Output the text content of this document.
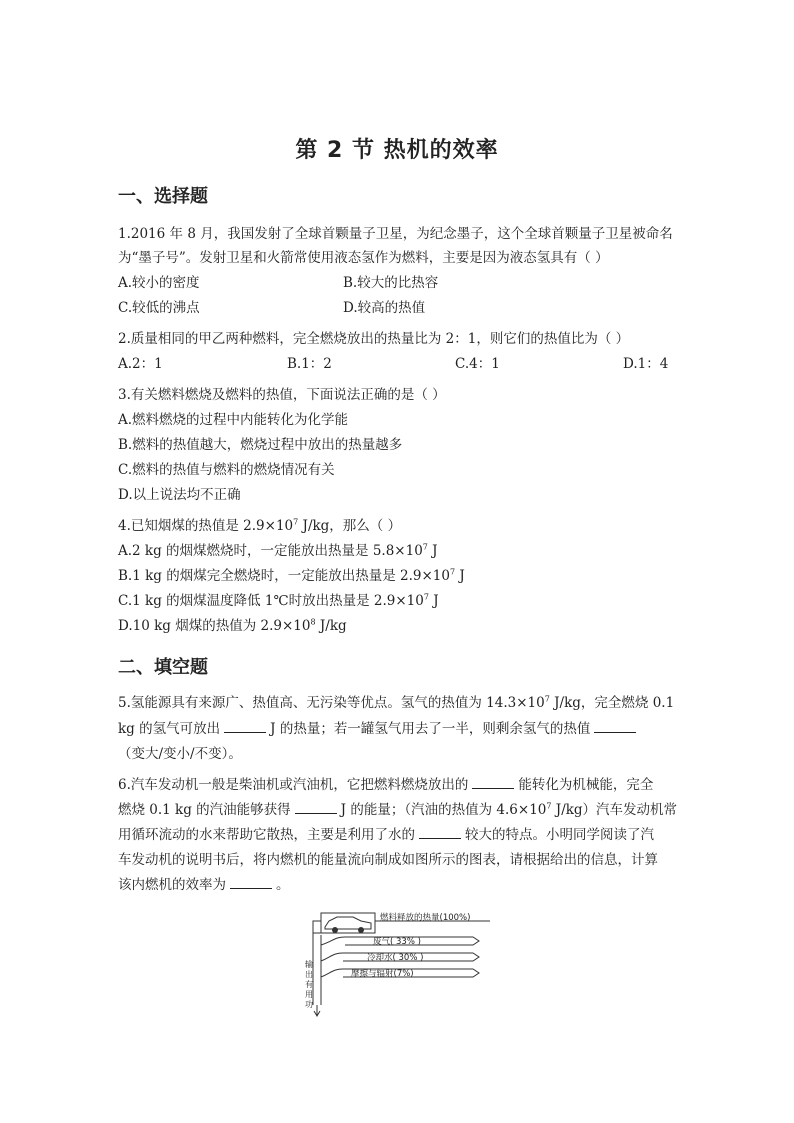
第 2 节 热机的效率
一、选择题
1.2016 年 8 月，我国发射了全球首颗量子卫星，为纪念墨子，这个全球首颗量子卫星被命名
为“墨子号”。发射卫星和火箭常使用液态氢作为燃料，主要是因为液态氢具有（ ）
A.较小的密度	B.较大的比热容
C.较低的沸点	D.较高的热值
2.质量相同的甲乙两种燃料，完全燃烧放出的热量比为 2：1，则它们的热值比为（ ）
A.2：1	B.1：2	C.4：1	D.1：4
3.有关燃料燃烧及燃料的热值，下面说法正确的是（ ）
A.燃料燃烧的过程中内能转化为化学能
B.燃料的热值越大，燃烧过程中放出的热量越多
C.燃料的热值与燃料的燃烧情况有关
D.以上说法均不正确
4.已知烟煤的热值是 $2.9\times 10^7$ J/kg，那么（ ）
A.2 kg 的烟煤燃烧时，一定能放出热量是 $5.8\times 10^7$ J
B.1 kg 的烟煤完全燃烧时，一定能放出热量是 $2.9\times 10^7$ J
C.1 kg 的烟煤温度降低 1℃时放出热量是 $2.9\times 10^7$ J
D.10 kg 烟煤的热值为 $2.9\times 10^8$ J/kg
二、填空题
5.氢能源具有来源广、热值高、无污染等优点。氢气的热值为 $14.3\times 10^7$ J/kg，完全燃烧 0.1
kg 的氢气可放出	J 的热量；若一罐氢气用去了一半，则剩余氢气的热值
（变大/变小/不变）。
6.汽车发动机一般是柴油机或汽油机，它把燃料燃烧放出的	能转化为机械能，完全
燃烧 0.1 kg 的汽油能够获得	J 的能量；（汽油的热值为 $4.6\times 10^7$ J/kg）汽车发动机常
用循环流动的水来帮助它散热，主要是利用了水的	较大的特点。小明同学阅读了汽
车发动机的说明书后，将内燃机的能量流向制成如图所示的图表，请根据给出的信息，计算
该内燃机的效率为	。
燃料释放的热量(100%)
废气( 33% )
冷却水( 30% )
摩擦与辐射(7%)
输
出
有
用
功
